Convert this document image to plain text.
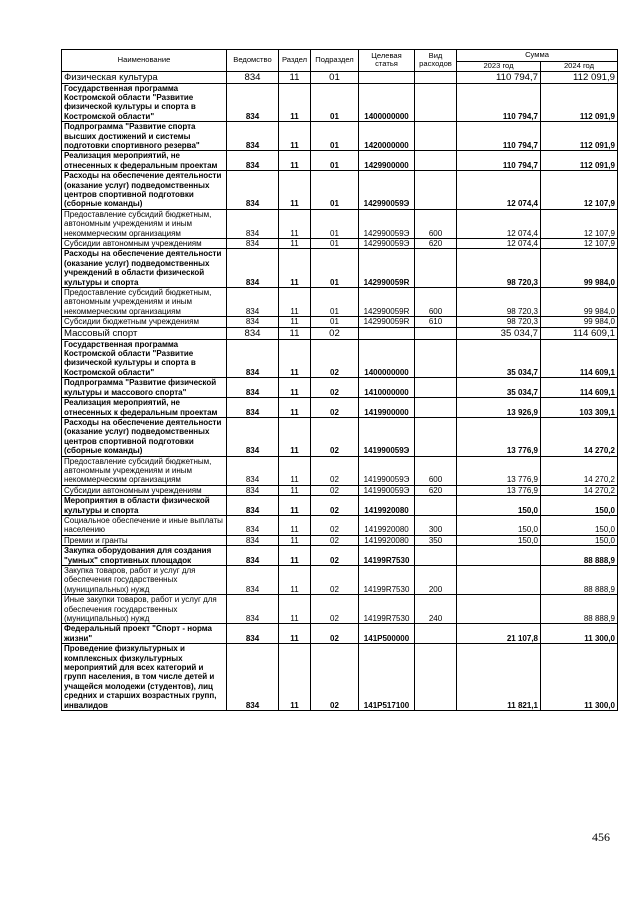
Наименование	Ведомство	Раздел	Подраздел	Целевая статья	Вид расходов	Сумма	
						2023 год	2024 год
Физическая культура	834	11	01			110 794,7	112 091,9
Государственная программа Костромской области "Развитие физической культуры и спорта в Костромской области"	834	11	01	1400000000		110 794,7	112 091,9
Подпрограмма "Развитие спорта высших достижений и системы подготовки спортивного резерва"	834	11	01	1420000000		110 794,7	112 091,9
Реализация мероприятий, не отнесенных к федеральным проектам	834	11	01	1429900000		110 794,7	112 091,9
Расходы на обеспечение деятельности (оказание услуг) подведомственных центров спортивной подготовки (сборные команды)	834	11	01	142990059Э		12 074,4	12 107,9
Предоставление субсидий бюджетным, автономным учреждениям и иным некоммерческим организациям	834	11	01	142990059Э	600	12 074,4	12 107,9
Субсидии автономным учреждениям	834	11	01	142990059Э	620	12 074,4	12 107,9
Расходы на обеспечение деятельности (оказание услуг) подведомственных учреждений в области физической культуры и спорта	834	11	01	142990059R		98 720,3	99 984,0
Предоставление субсидий бюджетным, автономным учреждениям и иным некоммерческим организациям	834	11	01	142990059R	600	98 720,3	99 984,0
Субсидии бюджетным учреждениям	834	11	01	142990059R	610	98 720,3	99 984,0
Массовый спорт	834	11	02			35 034,7	114 609,1
Государственная программа Костромской области "Развитие физической культуры и спорта в Костромской области"	834	11	02	1400000000		35 034,7	114 609,1
Подпрограмма "Развитие физической культуры и массового спорта"	834	11	02	1410000000		35 034,7	114 609,1
Реализация мероприятий, не отнесенных к федеральным проектам	834	11	02	1419900000		13 926,9	103 309,1
Расходы на обеспечение деятельности (оказание услуг) подведомственных центров спортивной подготовки (сборные команды)	834	11	02	141990059Э		13 776,9	14 270,2
Предоставление субсидий бюджетным, автономным учреждениям и иным некоммерческим организациям	834	11	02	141990059Э	600	13 776,9	14 270,2
Субсидии автономным учреждениям	834	11	02	141990059Э	620	13 776,9	14 270,2
Мероприятия в области физической культуры и спорта	834	11	02	1419920080		150,0	150,0
Социальное обеспечение и иные выплаты населению	834	11	02	1419920080	300	150,0	150,0
Премии и гранты	834	11	02	1419920080	350	150,0	150,0
Закупка оборудования для создания "умных" спортивных площадок	834	11	02	14199R7530			88 888,9
Закупка товаров, работ и услуг для обеспечения государственных (муниципальных) нужд	834	11	02	14199R7530	200		88 888,9
Иные закупки товаров, работ и услуг для обеспечения государственных (муниципальных) нужд	834	11	02	14199R7530	240		88 888,9
Федеральный проект "Спорт - норма жизни"	834	11	02	141P500000		21 107,8	11 300,0
Проведение физкультурных и комплексных физкультурных мероприятий для всех категорий и групп населения, в том числе детей и учащейся молодежи (студентов), лиц средних и старших возрастных групп, инвалидов	834	11	02	141P517100		11 821,1	11 300,0
456
